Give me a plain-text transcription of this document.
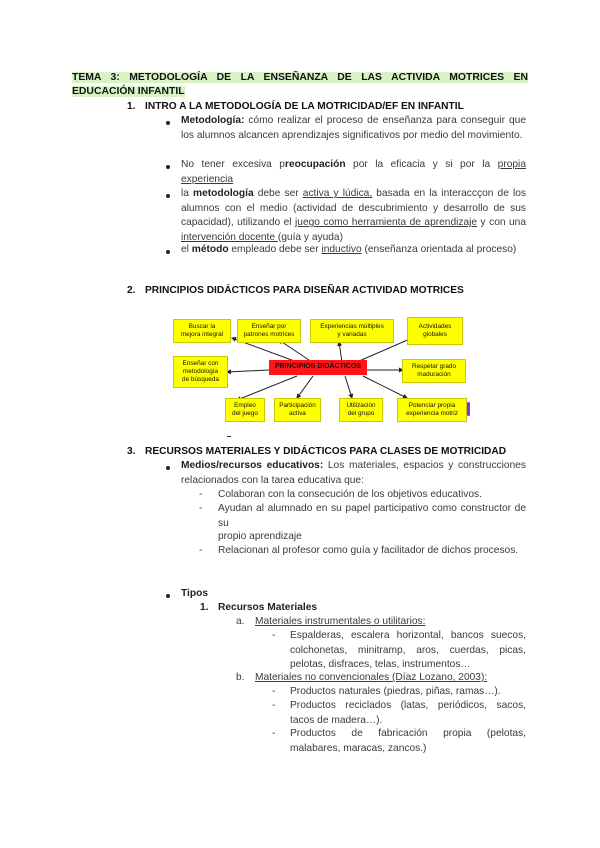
TEMA 3: METODOLOGÍA DE LA ENSEÑANZA DE LAS ACTIVIDA MOTRICES EN
EDUCACIÓN INFANTIL
1. INTRO A LA METODOLOGÍA DE LA MOTRICIDAD/EF EN INFANTIL
Metodología: cómo realizar el proceso de enseñanza para conseguir que los alumnos alcancen aprendizajes significativos por medio del movimiento.
No tener excesiva preocupación por la eficacia y si por la propia experiencia
la metodología debe ser activa y lúdica, basada en la interaccçon de los alumnos con el medio (actividad de descubrimiento y desarrollo de sus capacidad), utilizando el juego como herramienta de aprendizaje y con una intervención docente (guía y ayuda)
el método empleado debe ser inductivo (enseñanza orientada al proceso)
2. PRINCIPIOS DIDÁCTICOS PARA DISEÑAR ACTIVIDAD MOTRICES
PRINCIPIOS DIDÁCTICOS
Buscar la
mejora integral
Enseñar por
patrones motrices
Experiencias múltiples
y variadas
Actividades
globales
Enseñar con
metodología
de búsqueda
Respetar grado
maduración
Empleo
del juego
Participación
activa
Utilización
del grupo
Potenciar propia
experiencia motriz
3. RECURSOS MATERIALES Y DIDÁCTICOS PARA CLASES DE MOTRICIDAD
Medios/recursos educativos: Los materiales, espacios y construcciones relacionados con la tarea educativa que:
- Colaboran con la consecución de los objetivos educativos.
- Ayudan al alumnado en su papel participativo como constructor de su
propio aprendizaje
- Relacionan al profesor como guía y facilitador de dichos procesos.
Tipos
1. Recursos Materiales
a. Materiales instrumentales o utilitarios:
- Espalderas, escalera horizontal, bancos suecos, colchonetas, minitramp, aros, cuerdas, picas, pelotas, disfraces, telas, instrumentos…
b. Materiales no convencionales (Díaz Lozano, 2003):
- Productos naturales (piedras, piñas, ramas…).
- Productos reciclados (latas, periódicos, sacos, tacos de madera…).
- Productos de fabricación propia (pelotas, malabares, maracas, zancos.)
